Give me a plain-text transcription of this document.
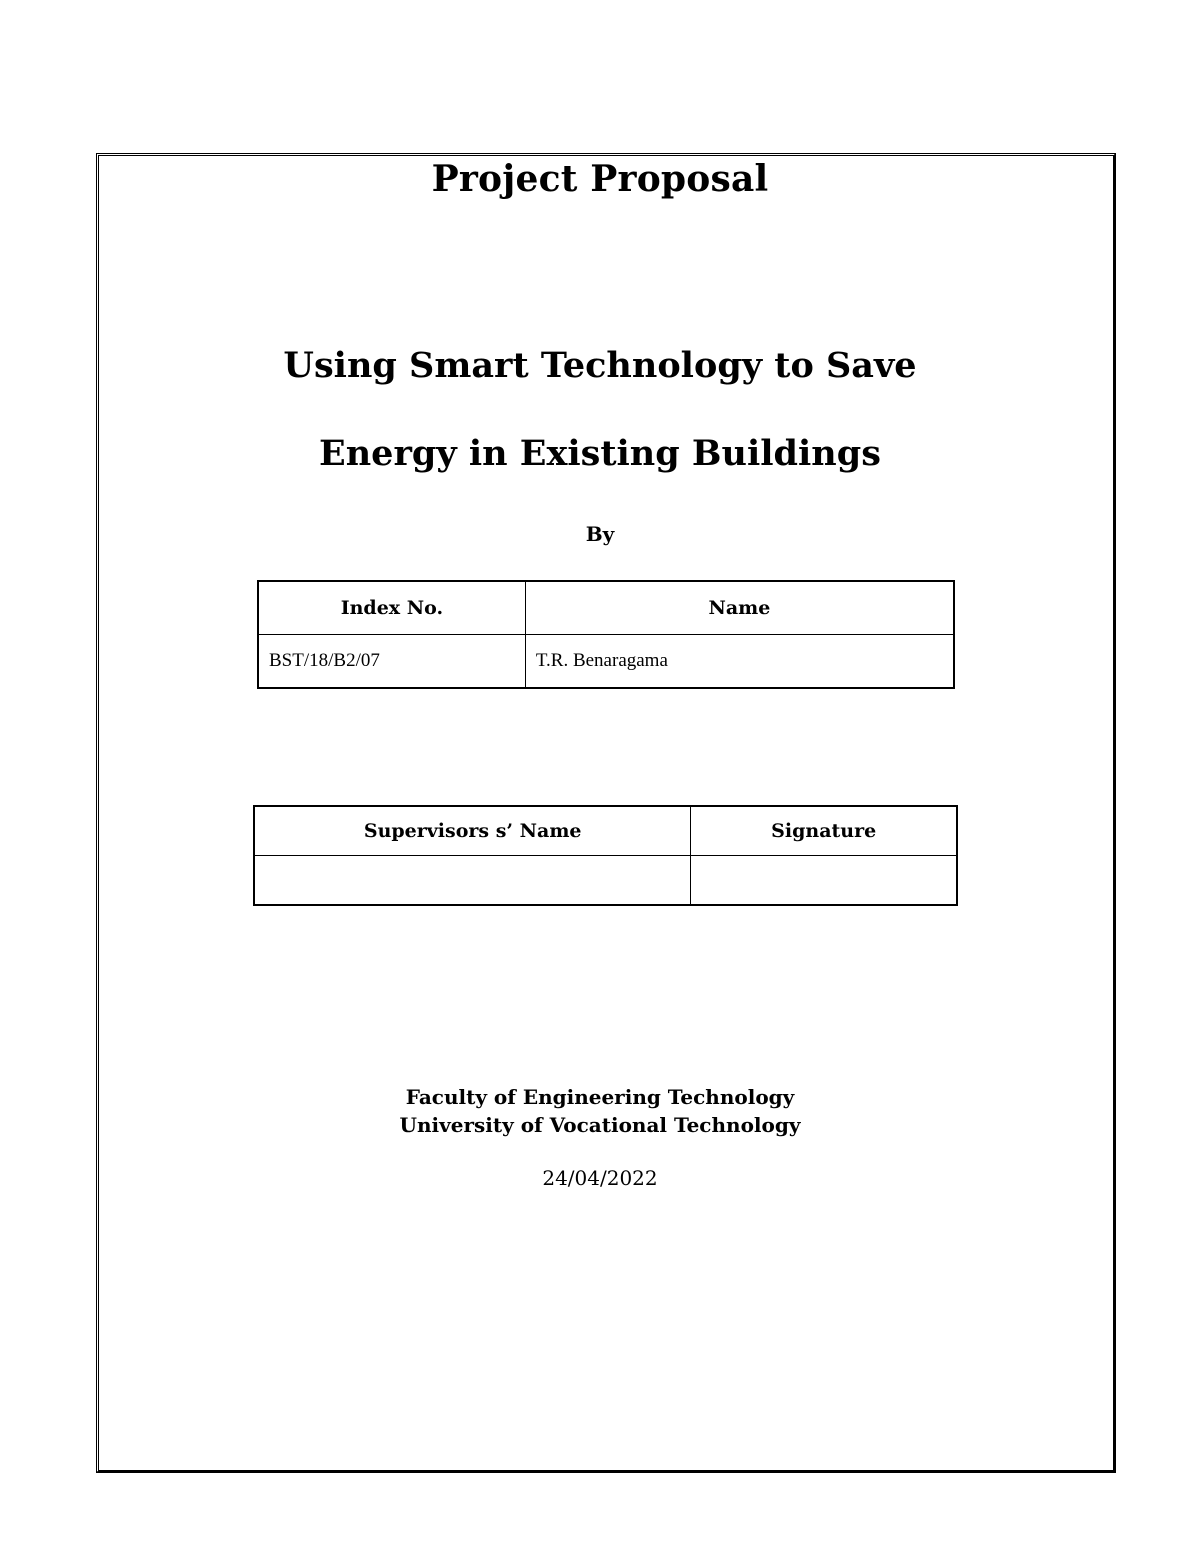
Project Proposal
Using Smart Technology to Save
Energy in Existing Buildings
By
Index No.	Name
BST/18/B2/07	T.R. Benaragama
Supervisors s’ Name	Signature

Faculty of Engineering Technology
University of Vocational Technology
24/04/2022
